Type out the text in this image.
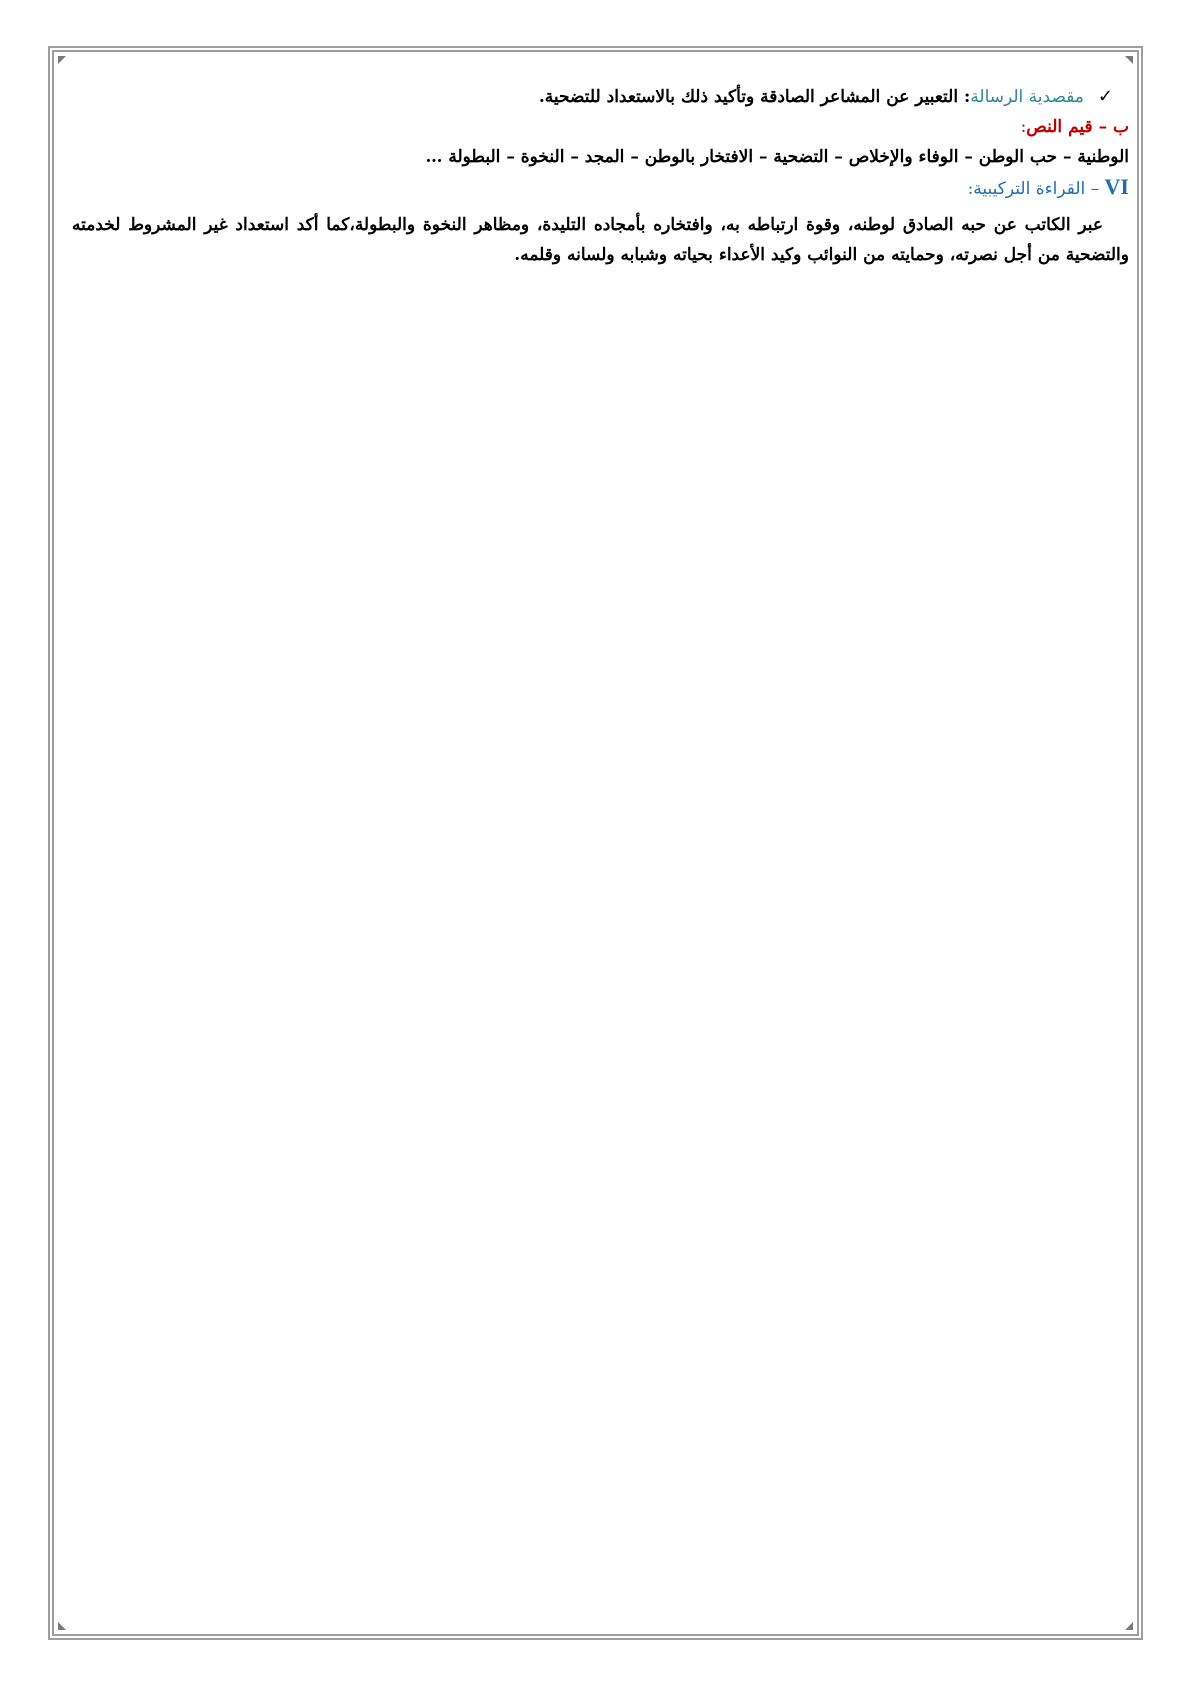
✓مقصدية الرسالة: التعبير عن المشاعر الصادقة وتأكيد ذلك بالاستعداد للتضحية.

ب – قيم النص:

الوطنية – حب الوطن – الوفاء والإخلاص – التضحية – الافتخار بالوطن – المجد – النخوة – البطولة …

VI – القراءة التركيبية:

عبر الكاتب عن حبه الصادق لوطنه، وقوة ارتباطه به، وافتخاره بأمجاده التليدة، ومظاهر النخوة والبطولة،كما أكد استعداد غير المشروط لخدمته والتضحية من أجل نصرته، وحمايته من النوائب وكيد الأعداء بحياته وشبابه ولسانه وقلمه.
